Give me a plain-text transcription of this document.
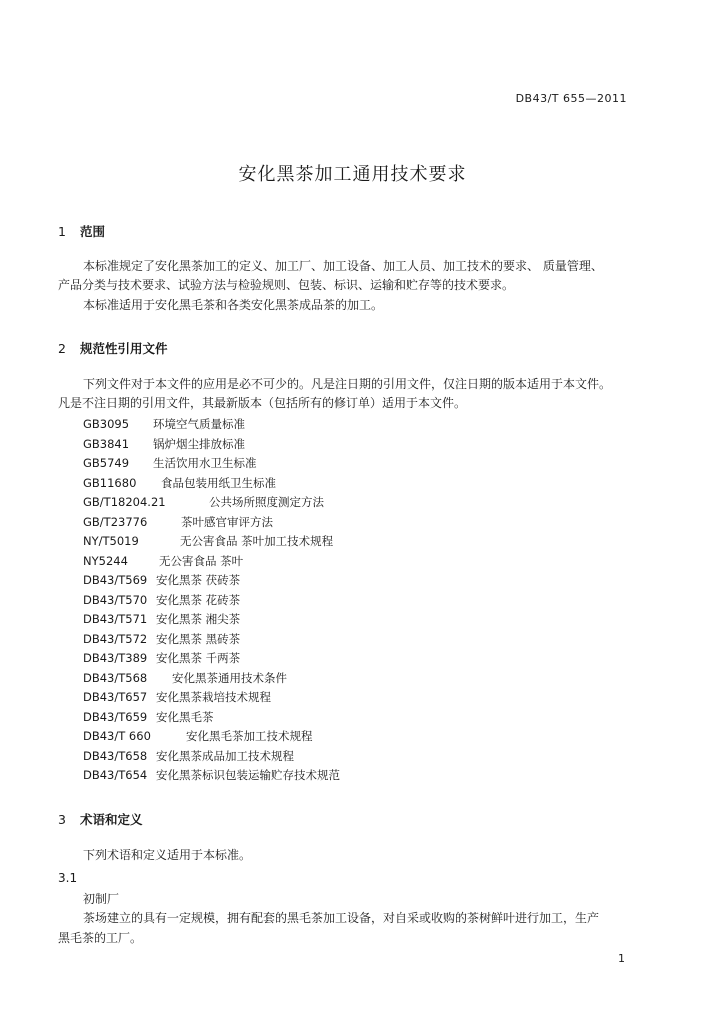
DB43/T 655—2011
安化黑茶加工通用技术要求
1 范围
本标准规定了安化黑茶加工的定义、加工厂、加工设备、加工人员、加工技术的要求、 质量管理、
产品分类与技术要求、试验方法与检验规则、包装、标识、运输和贮存等的技术要求。
本标准适用于安化黑毛茶和各类安化黑茶成品茶的加工。
2 规范性引用文件
下列文件对于本文件的应用是必不可少的。凡是注日期的引用文件，仅注日期的版本适用于本文件。
凡是不注日期的引用文件，其最新版本（包括所有的修订单）适用于本文件。
GB3095 环境空气质量标准
GB3841 锅炉烟尘排放标准
GB5749 生活饮用水卫生标准
GB11680 食品包装用纸卫生标准
GB/T18204.21	公共场所照度测定方法
GB/T23776	茶叶感官审评方法
NY/T5019	无公害食品 茶叶加工技术规程
NY5244	无公害食品 茶叶
DB43/T569 安化黑茶 茯砖茶
DB43/T570 安化黑茶 花砖茶
DB43/T571 安化黑茶 湘尖茶
DB43/T572 安化黑茶 黑砖茶
DB43/T389 安化黑茶 千两茶
DB43/T568 安化黑茶通用技术条件
DB43/T657 安化黑茶栽培技术规程
DB43/T659 安化黑毛茶
DB43/T 660	安化黑毛茶加工技术规程
DB43/T658 安化黑茶成品加工技术规程
DB43/T654 安化黑茶标识包装运输贮存技术规范
3 术语和定义
下列术语和定义适用于本标准。
3.1
初制厂
茶场建立的具有一定规模，拥有配套的黑毛茶加工设备，对自采或收购的茶树鲜叶进行加工，生产
黑毛茶的工厂。
1
